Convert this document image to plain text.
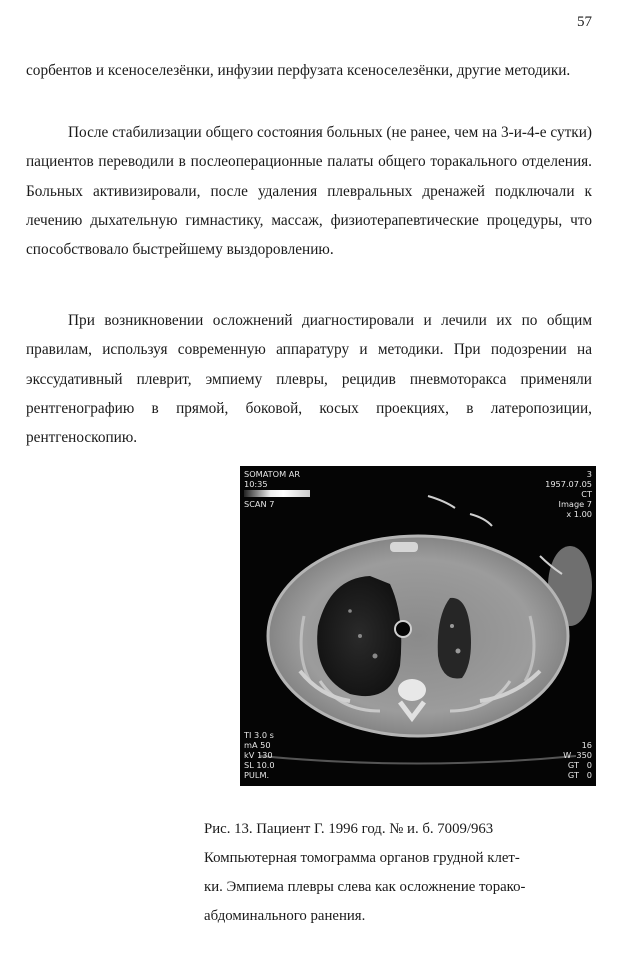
57

сорбентов и ксеноселезёнки, инфузии перфузата ксеноселезёнки, другие методики.

После стабилизации общего состояния больных (не ранее, чем на 3-и-4-е сутки) пациентов переводили в послеоперационные палаты общего торакального отделения. Больных активизировали, после удаления плевральных дренажей подключали к лечению дыхательную гимнастику, массаж, физиотерапевтические процедуры, что способствовало быстрейшему выздоровлению.

При возникновении осложнений диагностировали и лечили их по общим правилам, используя современную аппаратуру и методики. При подозрении на экссудативный плеврит, эмпиему плевры, рецидив пневмоторакса применяли рентгенографию в прямой, боковой, косых проекциях, в латеропозиции, рентгеноскопию.

SOMATOM AR
10:35

SCAN 7
3
1957.07.05
CT
Image 7
x 1.00
TI 3.0 s
mA 50
kV 130
SL 10.0
PULM.
16
W  350
GT   0
GT   0
Рис. 13. Пациент Г. 1996 год. № и. б. 7009/963
Компьютерная томограмма органов грудной клет-
ки. Эмпиема плевры слева как осложнение торако-
абдоминального ранения.
